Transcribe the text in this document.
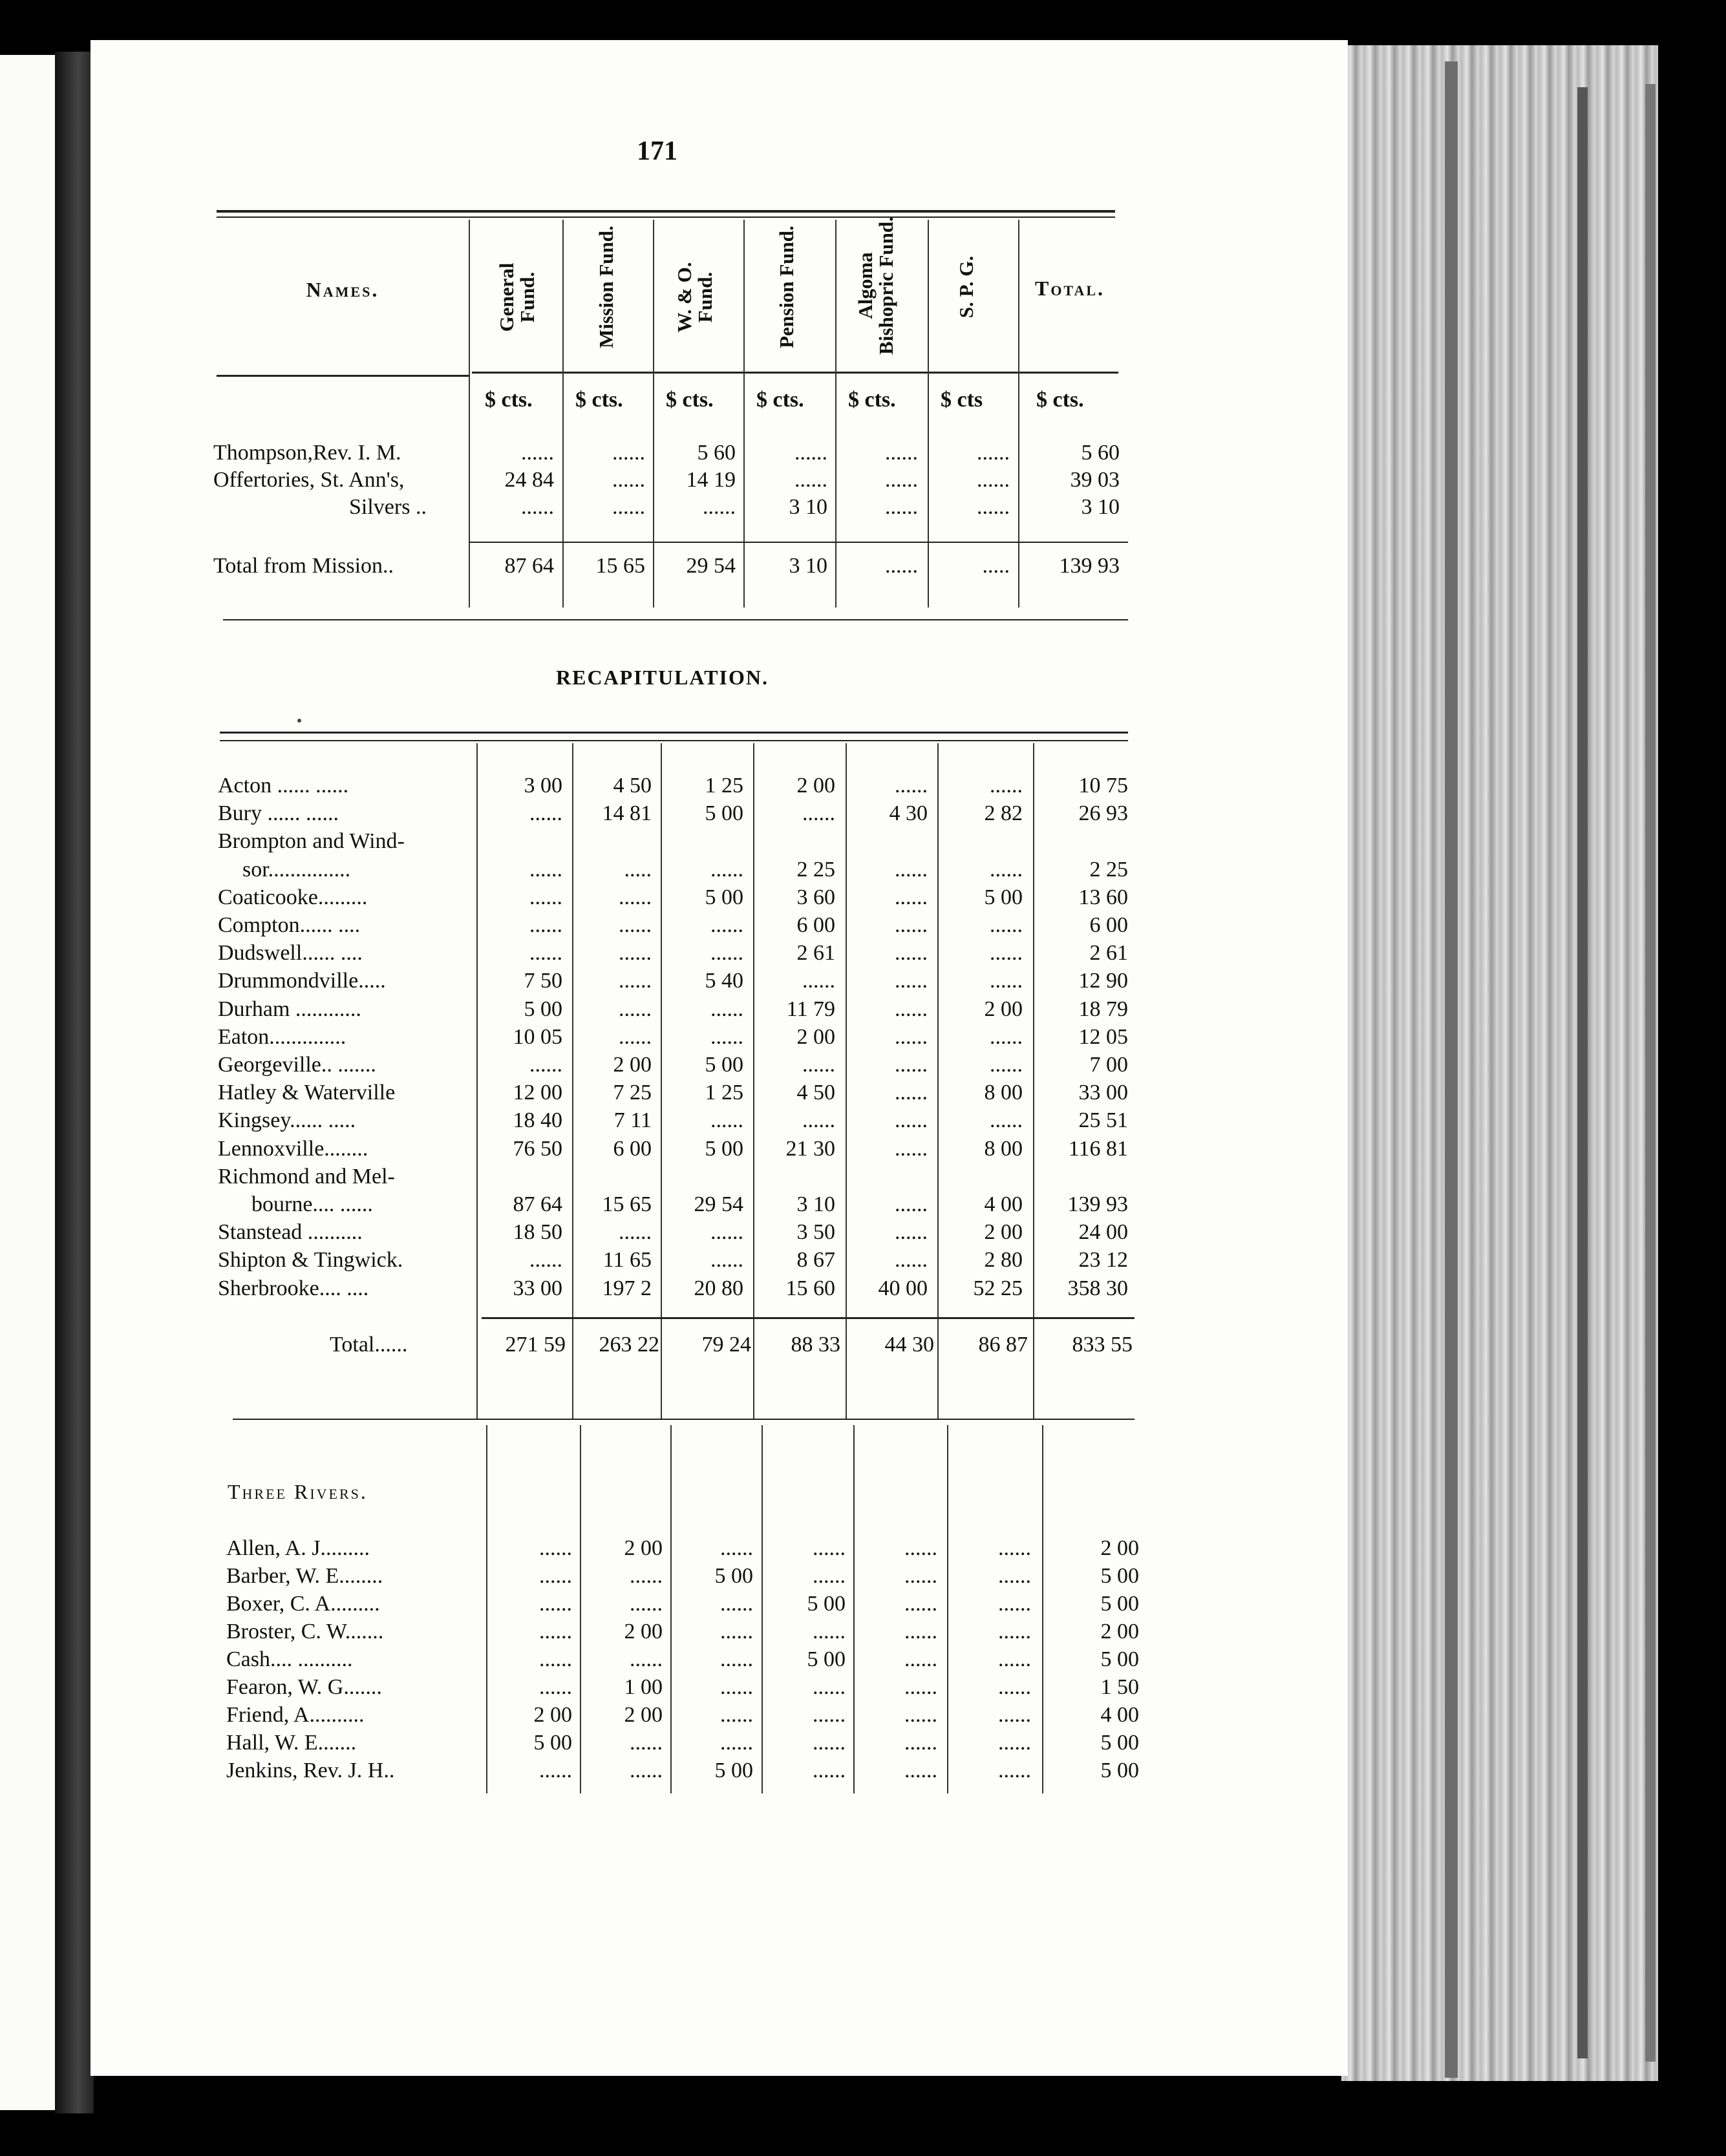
171
Names.	General Fund.	Mission Fund.	W. & O. Fund.	Pension Fund.	Algoma Bishopric Fund.	S. P. G.	Total.
$ cts. $ cts. $ cts. $ cts. $ cts. $ cts $ cts.
Thompson,Rev. I. M.	......	......	5 60	......	......	......	5 60
Offertories, St. Ann's,	24 84	......	14 19	......	......	......	39 03
Silvers ..	......	......	......	3 10	......	......	3 10
Total from Mission..	87 64	15 65	29 54	3 10	......	.....	139 93
RECAPITULATION.
Acton ...... ......	3 00	4 50	1 25	2 00	......	......	10 75
Bury ...... ......	......	14 81	5 00	......	4 30	2 82	26 93
Brompton and Wind-
sor...............	......	.....	......	2 25	......	......	2 25
Coaticooke.........	......	......	5 00	3 60	......	5 00	13 60
Compton...... ....	......	......	......	6 00	......	......	6 00
Dudswell...... ....	......	......	......	2 61	......	......	2 61
Drummondville.....	7 50	......	5 40	......	......	......	12 90
Durham ............	5 00	......	......	11 79	......	2 00	18 79
Eaton..............	10 05	......	......	2 00	......	......	12 05
Georgeville.. .......	......	2 00	5 00	......	......	......	7 00
Hatley & Waterville	12 00	7 25	1 25	4 50	......	8 00	33 00
Kingsey...... .....	18 40	7 11	......	......	......	......	25 51
Lennoxville........	76 50	6 00	5 00	21 30	......	8 00	116 81
Richmond and Mel-
bourne.... ......	87 64	15 65	29 54	3 10	......	4 00	139 93
Stanstead ..........	18 50	......	......	3 50	......	2 00	24 00
Shipton & Tingwick.	......	11 65	......	8 67	......	2 80	23 12
Sherbrooke.... ....	33 00	197 2	20 80	15 60	40 00	52 25	358 30
Total......	271 59	263 22	79 24	88 33	44 30	86 87	833 55
Three Rivers.
Allen, A. J.........	......	2 00	......	......	......	......	2 00
Barber, W. E........	......	......	5 00	......	......	......	5 00
Boxer, C. A.........	......	......	......	5 00	......	......	5 00
Broster, C. W.......	......	2 00	......	......	......	......	2 00
Cash.... ..........	......	......	......	5 00	......	......	5 00
Fearon, W. G.......	......	1 00	......	......	......	......	1 50
Friend, A..........	2 00	2 00	......	......	......	......	4 00
Hall, W. E.......	5 00	......	......	......	......	......	5 00
Jenkins, Rev. J. H..	......	......	5 00	......	......	......	5 00
